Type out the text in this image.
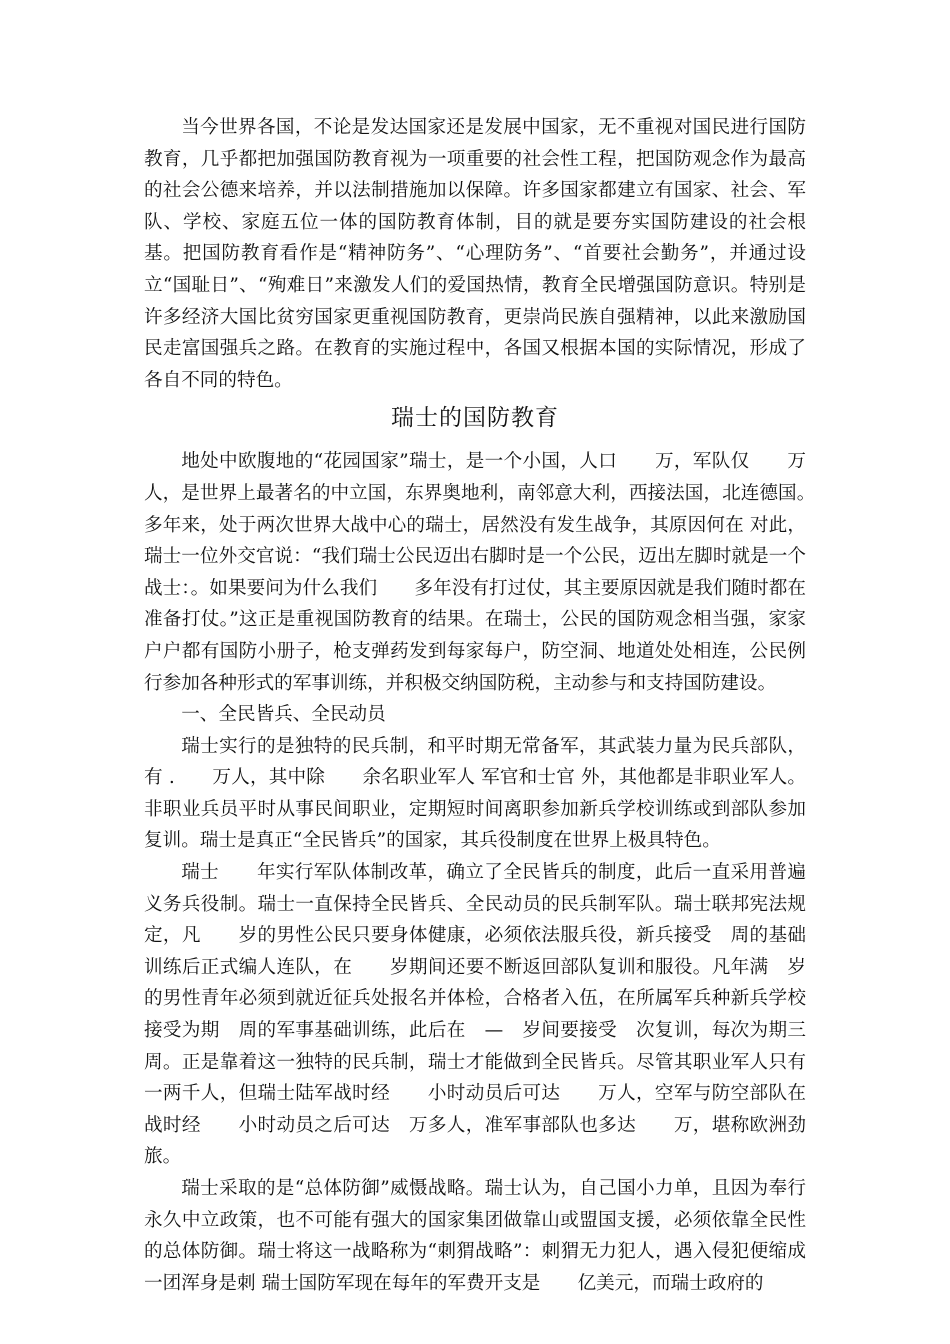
当今世界各国，不论是发达国家还是发展中国家，无不重视对国民进行国防教育，几乎都把加强国防教育视为一项重要的社会性工程，把国防观念作为最高的社会公德来培养，并以法制措施加以保障。许多国家都建立有国家、社会、军队、学校、家庭五位一体的国防教育体制，目的就是要夯实国防建设的社会根基。把国防教育看作是“精神防务”、“心理防务”、“首要社会勤务”，并通过设立“国耻日”、“殉难日”来激发人们的爱国热情，教育全民增强国防意识。特别是许多经济大国比贫穷国家更重视国防教育，更崇尚民族自强精神，以此来激励国民走富国强兵之路。在教育的实施过程中，各国又根据本国的实际情况，形成了各自不同的特色。

瑞士的国防教育

地处中欧腹地的“花园国家”瑞士，是一个小国，人口　　万，军队仅　　万人，是世界上最著名的中立国，东界奥地利，南邻意大利，西接法国，北连德国。　　多年来，处于两次世界大战中心的瑞士，居然没有发生战争，其原因何在 对此，瑞士一位外交官说：“我们瑞士公民迈出右脚时是一个公民，迈出左脚时就是一个战士：。如果要问为什么我们　　多年没有打过仗，其主要原因就是我们随时都在准备打仗。”这正是重视国防教育的结果。在瑞士，公民的国防观念相当强，家家户户都有国防小册子，枪支弹药发到每家每户，防空洞、地道处处相连，公民例行参加各种形式的军事训练，并积极交纳国防税，主动参与和支持国防建设。

一、全民皆兵、全民动员

瑞士实行的是独特的民兵制，和平时期无常备军，其武装力量为民兵部队，有 .　　万人，其中除　　余名职业军人 军官和士官 外，其他都是非职业军人。非职业兵员平时从事民间职业，定期短时间离职参加新兵学校训练或到部队参加复训。瑞士是真正“全民皆兵”的国家，其兵役制度在世界上极具特色。

瑞士　　年实行军队体制改革，确立了全民皆兵的制度，此后一直采用普遍义务兵役制。瑞士一直保持全民皆兵、全民动员的民兵制军队。瑞士联邦宪法规定，凡　　岁的男性公民只要身体健康，必须依法服兵役，新兵接受　周的基础训练后正式编人连队，在　　岁期间还要不断返回部队复训和服役。凡年满　岁的男性青年必须到就近征兵处报名并体检，合格者入伍，在所属军兵种新兵学校接受为期　周的军事基础训练，此后在　—　岁间要接受　次复训，每次为期三周。正是靠着这一独特的民兵制，瑞士才能做到全民皆兵。尽管其职业军人只有一两千人，但瑞士陆军战时经　　小时动员后可达　　万人，空军与防空部队在战时经　　小时动员之后可达　万多人，准军事部队也多达　　万，堪称欧洲劲旅。

瑞士采取的是“总体防御”威慑战略。瑞士认为，自己国小力单，且因为奉行永久中立政策，也不可能有强大的国家集团做靠山或盟国支援，必须依靠全民性的总体防御。瑞士将这一战略称为“刺猬战略”：刺猬无力犯人，遇入侵犯便缩成一团浑身是刺 瑞士国防军现在每年的军费开支是　　亿美元，而瑞士政府的
